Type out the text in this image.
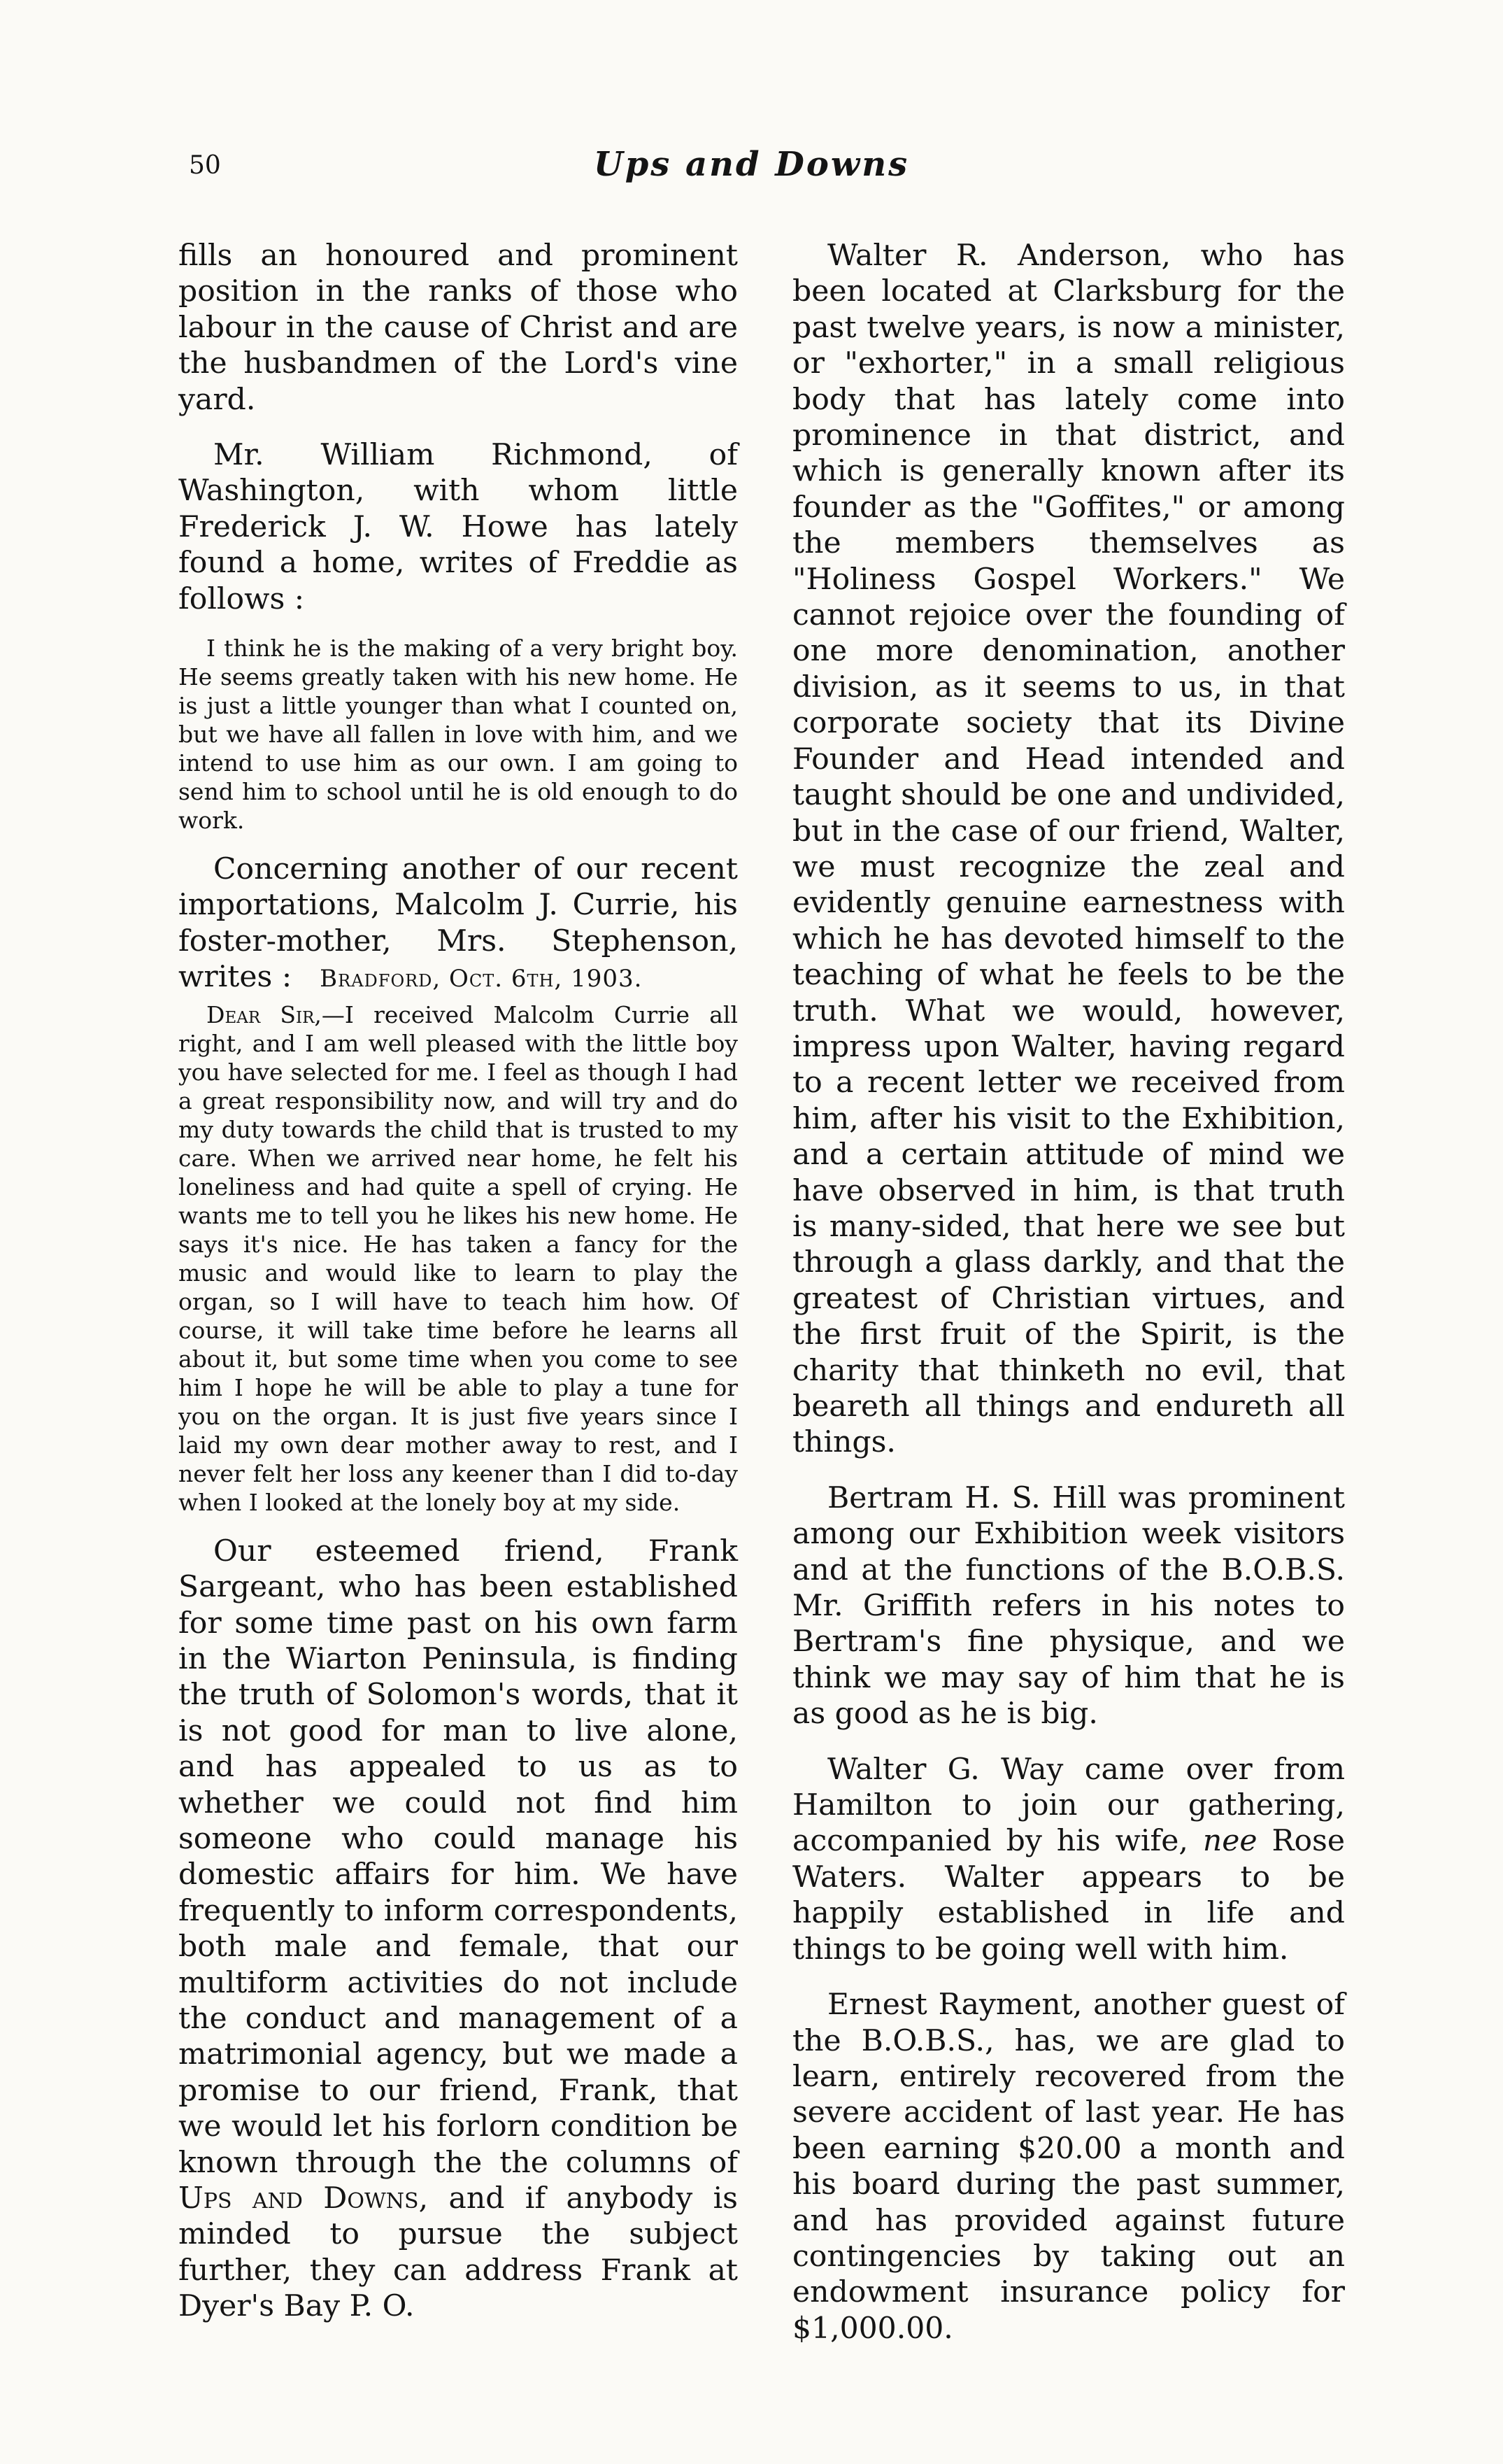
50	Ups and Downs

fills an honoured and prominent position in the ranks of those who labour in the cause of Christ and are the husbandmen of the Lord's vine yard.

Mr. William Richmond, of Washington, with whom little Frederick J. W. Howe has lately found a home, writes of Freddie as follows :

I think he is the making of a very bright boy. He seems greatly taken with his new home. He is just a little younger than what I counted on, but we have all fallen in love with him, and we intend to use him as our own. I am going to send him to school until he is old enough to do work.

Concerning another of our recent importations, Malcolm J. Currie, his foster-mother, Mrs. Stephenson, writes : Bradford, Oct. 6th, 1903.

Dear Sir,—I received Malcolm Currie all right, and I am well pleased with the little boy you have selected for me. I feel as though I had a great responsibility now, and will try and do my duty towards the child that is trusted to my care. When we arrived near home, he felt his loneliness and had quite a spell of crying. He wants me to tell you he likes his new home. He says it's nice. He has taken a fancy for the music and would like to learn to play the organ, so I will have to teach him how. Of course, it will take time before he learns all about it, but some time when you come to see him I hope he will be able to play a tune for you on the organ. It is just five years since I laid my own dear mother away to rest, and I never felt her loss any keener than I did to-day when I looked at the lonely boy at my side.

Our esteemed friend, Frank Sargeant, who has been established for some time past on his own farm in the Wiarton Peninsula, is finding the truth of Solomon's words, that it is not good for man to live alone, and has appealed to us as to whether we could not find him someone who could manage his domestic affairs for him. We have frequently to inform correspondents, both male and female, that our multiform activities do not include the conduct and management of a matrimonial agency, but we made a promise to our friend, Frank, that we would let his forlorn condition be known through the the columns of Ups and Downs, and if anybody is minded to pursue the subject further, they can address Frank at Dyer's Bay P. O.

Walter R. Anderson, who has been located at Clarksburg for the past twelve years, is now a minister, or "exhorter," in a small religious body that has lately come into prominence in that district, and which is generally known after its founder as the "Goffites," or among the members themselves as "Holiness Gospel Workers." We cannot rejoice over the founding of one more denomination, another division, as it seems to us, in that corporate society that its Divine Founder and Head intended and taught should be one and undivided, but in the case of our friend, Walter, we must recognize the zeal and evidently genuine earnestness with which he has devoted himself to the teaching of what he feels to be the truth. What we would, however, impress upon Walter, having regard to a recent letter we received from him, after his visit to the Exhibition, and a certain attitude of mind we have observed in him, is that truth is many-sided, that here we see but through a glass darkly, and that the greatest of Christian virtues, and the first fruit of the Spirit, is the charity that thinketh no evil, that beareth all things and endureth all things.

Bertram H. S. Hill was prominent among our Exhibition week visitors and at the functions of the B.O.B.S. Mr. Griffith refers in his notes to Bertram's fine physique, and we think we may say of him that he is as good as he is big.

Walter G. Way came over from Hamilton to join our gathering, accompanied by his wife, nee Rose Waters. Walter appears to be happily established in life and things to be going well with him.

Ernest Rayment, another guest of the B.O.B.S., has, we are glad to learn, entirely recovered from the severe accident of last year. He has been earning $20.00 a month and his board during the past summer, and has provided against future contingencies by taking out an endowment insurance policy for $1,000.00.
